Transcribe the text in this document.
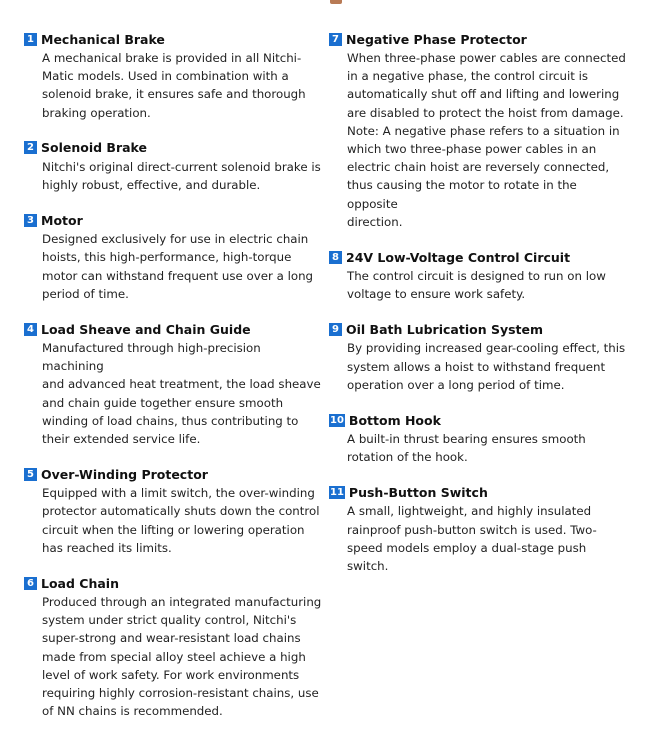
1 Mechanical Brake
A mechanical brake is provided in all Nitchi-
Matic models. Used in combination with a
solenoid brake, it ensures safe and thorough
braking operation.
2 Solenoid Brake
Nitchi's original direct-current solenoid brake is
highly robust, effective, and durable.
3 Motor
Designed exclusively for use in electric chain
hoists, this high-performance, high-torque
motor can withstand frequent use over a long
period of time.
4 Load Sheave and Chain Guide
Manufactured through high-precision machining
and advanced heat treatment, the load sheave
and chain guide together ensure smooth
winding of load chains, thus contributing to
their extended service life.
5 Over-Winding Protector
Equipped with a limit switch, the over-winding
protector automatically shuts down the control
circuit when the lifting or lowering operation
has reached its limits.
6 Load Chain
Produced through an integrated manufacturing
system under strict quality control, Nitchi's
super-strong and wear-resistant load chains
made from special alloy steel achieve a high
level of work safety. For work environments
requiring highly corrosion-resistant chains, use
of NN chains is recommended.
7 Negative Phase Protector
When three-phase power cables are connected
in a negative phase, the control circuit is
automatically shut off and lifting and lowering
are disabled to protect the hoist from damage.
Note: A negative phase refers to a situation in
which two three-phase power cables in an
electric chain hoist are reversely connected,
thus causing the motor to rotate in the opposite
direction.
8 24V Low-Voltage Control Circuit
The control circuit is designed to run on low
voltage to ensure work safety.
9 Oil Bath Lubrication System
By providing increased gear-cooling effect, this
system allows a hoist to withstand frequent
operation over a long period of time.
10 Bottom Hook
A built-in thrust bearing ensures smooth
rotation of the hook.
11 Push-Button Switch
A small, lightweight, and highly insulated
rainproof push-button switch is used. Two-
speed models employ a dual-stage push
switch.
